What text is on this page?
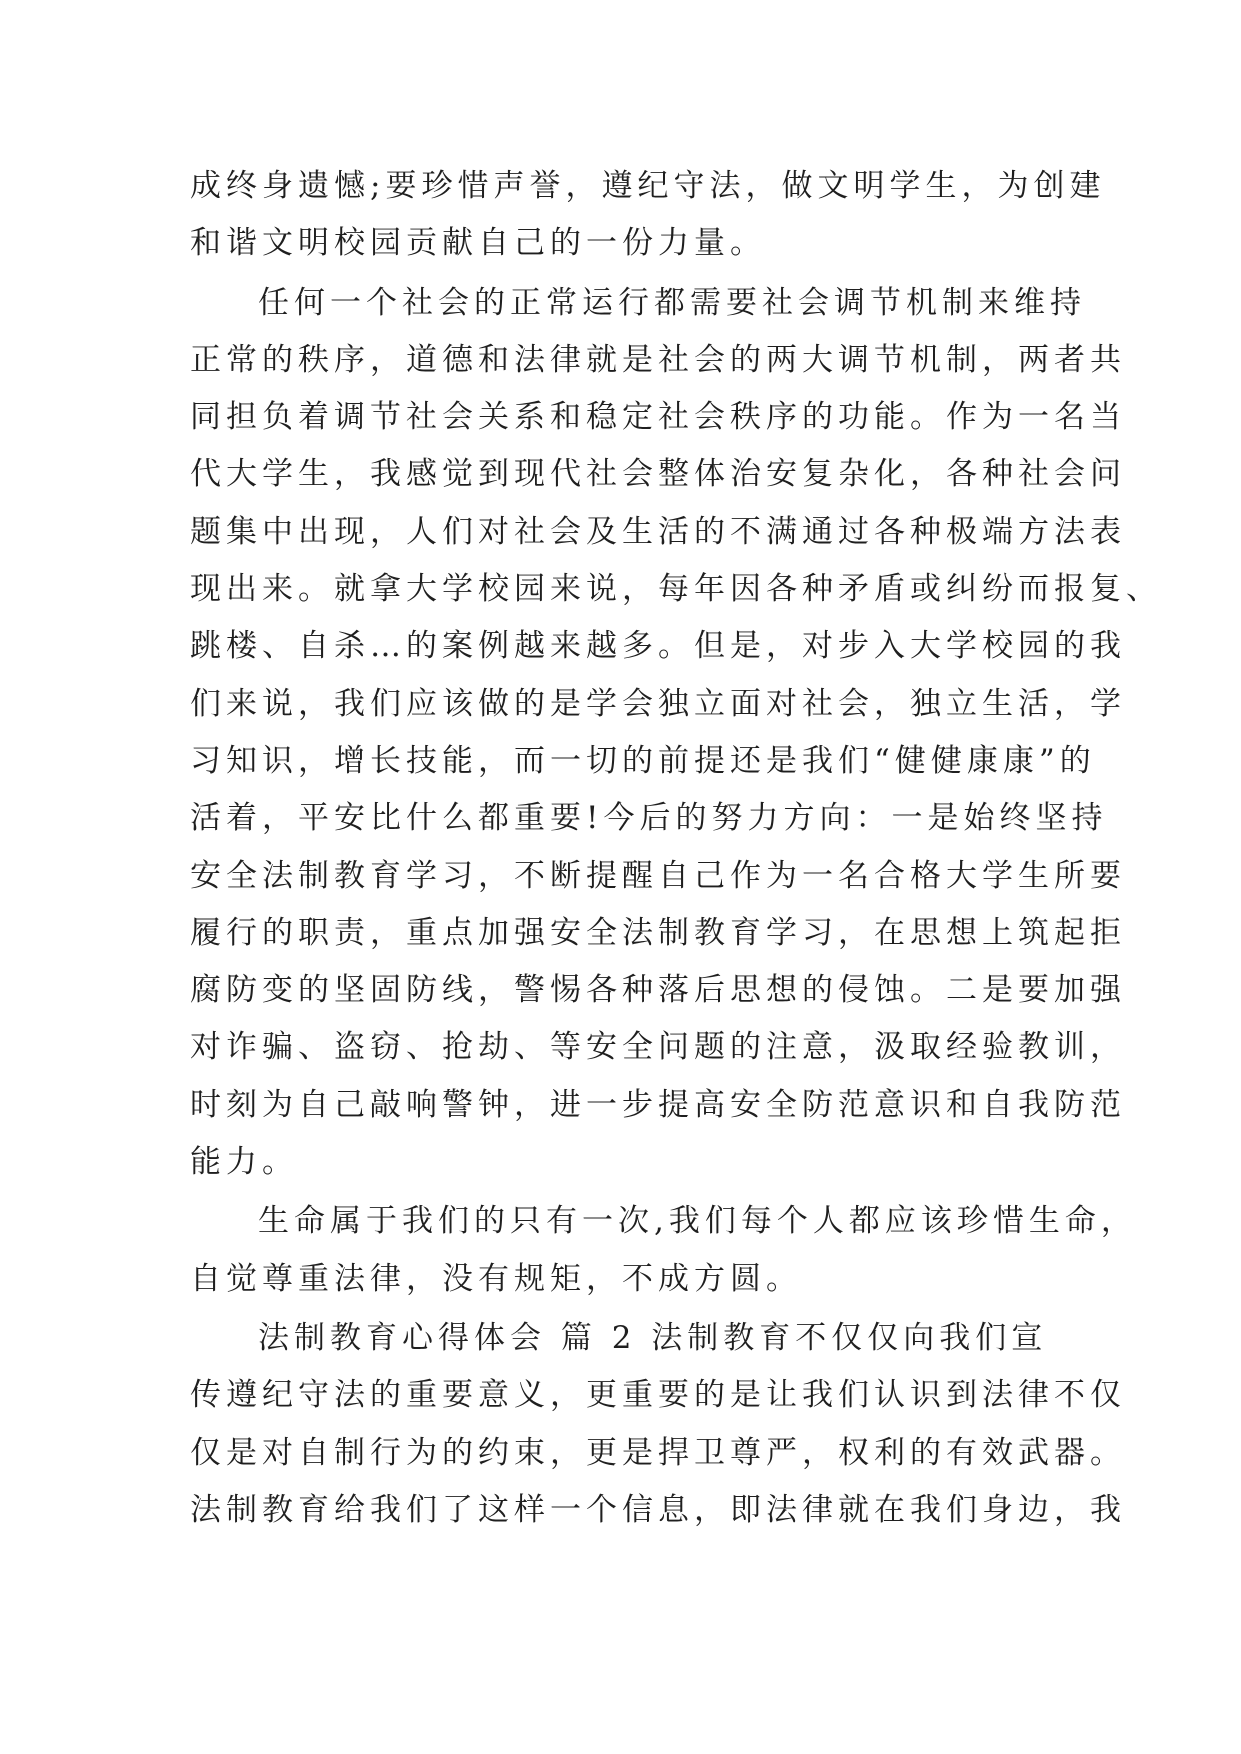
成终身遗憾;要珍惜声誉，遵纪守法，做文明学生，为创建
和谐文明校园贡献自己的一份力量。
任何一个社会的正常运行都需要社会调节机制来维持
正常的秩序，道德和法律就是社会的两大调节机制，两者共
同担负着调节社会关系和稳定社会秩序的功能。作为一名当
代大学生，我感觉到现代社会整体治安复杂化，各种社会问
题集中出现，人们对社会及生活的不满通过各种极端方法表
现出来。就拿大学校园来说，每年因各种矛盾或纠纷而报复、
跳楼、自杀…的案例越来越多。但是，对步入大学校园的我
们来说，我们应该做的是学会独立面对社会，独立生活，学
习知识，增长技能，而一切的前提还是我们“健健康康”的
活着，平安比什么都重要!今后的努力方向：一是始终坚持
安全法制教育学习，不断提醒自己作为一名合格大学生所要
履行的职责，重点加强安全法制教育学习，在思想上筑起拒
腐防变的坚固防线，警惕各种落后思想的侵蚀。二是要加强
对诈骗、盗窃、抢劫、等安全问题的注意，汲取经验教训，
时刻为自己敲响警钟，进一步提高安全防范意识和自我防范
能力。
生命属于我们的只有一次,我们每个人都应该珍惜生命，
自觉尊重法律，没有规矩，不成方圆。
法制教育心得体会 篇 2 法制教育不仅仅向我们宣
传遵纪守法的重要意义，更重要的是让我们认识到法律不仅
仅是对自制行为的约束，更是捍卫尊严，权利的有效武器。
法制教育给我们了这样一个信息，即法律就在我们身边，我
